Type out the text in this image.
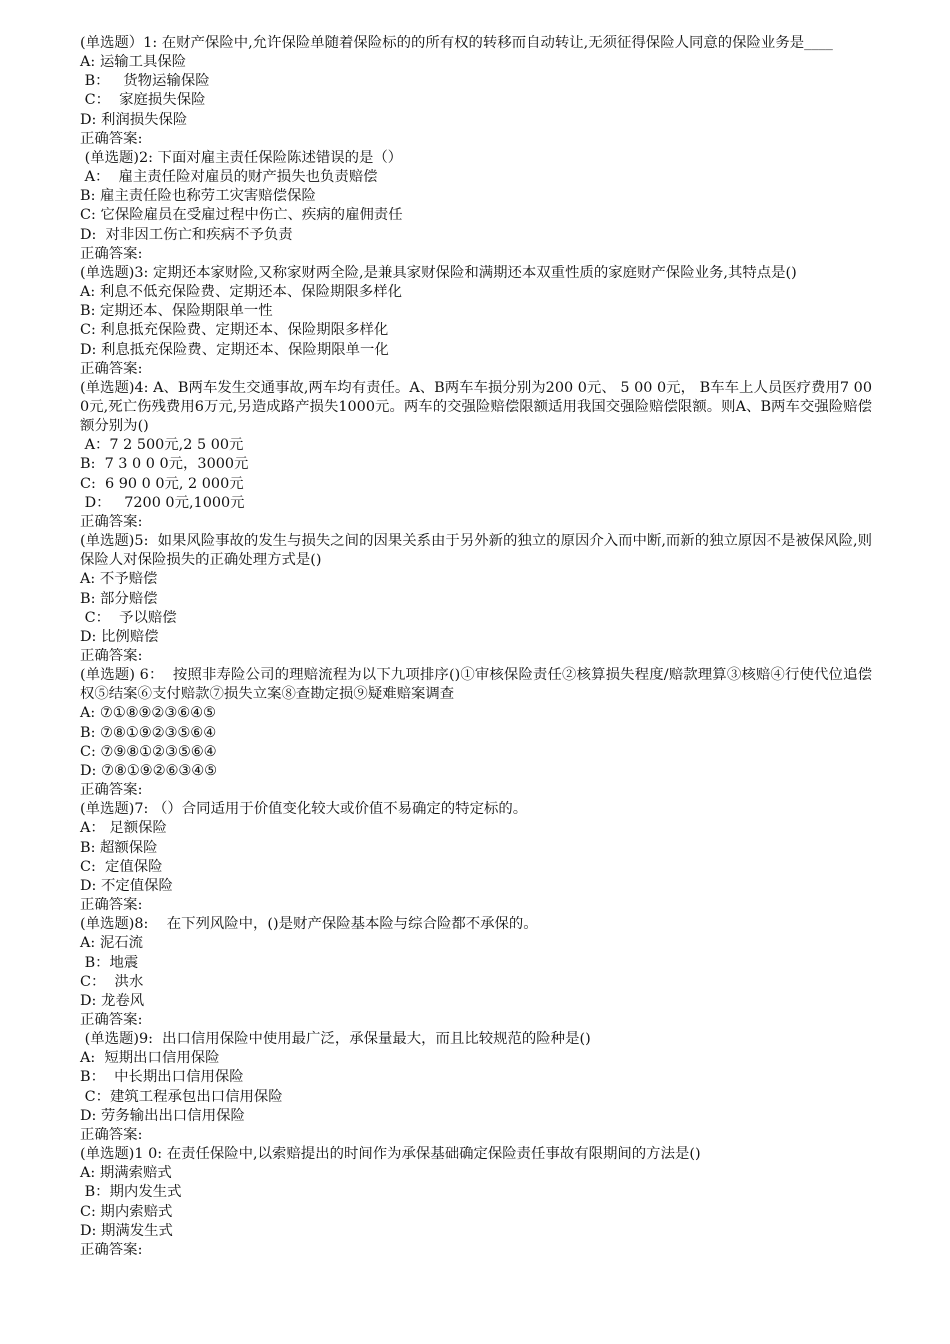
(单选题）1: 在财产保险中,允许保险单随着保险标的的所有权的转移而自动转让,无须征得保险人同意的保险业务是____

A: 运输工具保险

B：   货物运输保险

C：  家庭损失保险

D: 利润损失保险

正确答案:

(单选题)2: 下面对雇主责任保险陈述错误的是（）

A：  雇主责任险对雇员的财产损失也负责赔偿

B: 雇主责任险也称劳工灾害赔偿保险

C: 它保险雇员在受雇过程中伤亡、疾病的雇佣责任

D:  对非因工伤亡和疾病不予负责

正确答案:

(单选题)3: 定期还本家财险,又称家财两全险,是兼具家财保险和满期还本双重性质的家庭财产保险业务,其特点是()

A: 利息不低充保险费、定期还本、保险期限多样化

B: 定期还本、保险期限单一性

C: 利息抵充保险费、定期还本、保险期限多样化

D: 利息抵充保险费、定期还本、保险期限单一化

正确答案:

(单选题)4: A、B两车发生交通事故,两车均有责任。A、B两车车损分别为200 0元、 5 00 0元， B车车上人员医疗费用7 000元,死亡伤残费用6万元,另造成路产损失1000元。两车的交强险赔偿限额适用我国交强险赔偿限额。则A、B两车交强险赔偿额分别为()

A：7 2 500元,2 5 00元

B:  7 3 0 0 0元，3000元

C:  6 90 0 0元, 2 000元

D：   7200 0元,1000元

正确答案:

(单选题)5:  如果风险事故的发生与损失之间的因果关系由于另外新的独立的原因介入而中断,而新的独立原因不是被保风险,则保险人对保险损失的正确处理方式是()

A: 不予赔偿

B: 部分赔偿

C：  予以赔偿

D: 比例赔偿

正确答案:

(单选题) 6：  按照非寿险公司的理赔流程为以下九项排序()①审核保险责任②核算损失程度/赔款理算③核赔④行使代位追偿权⑤结案⑥支付赔款⑦损失立案⑧查勘定损⑨疑难赔案调查

A: ⑦①⑧⑨②③⑥④⑤

B: ⑦⑧①⑨②③⑤⑥④

C: ⑦⑨⑧①②③⑤⑥④

D: ⑦⑧①⑨②⑥③④⑤

正确答案:

(单选题)7: （）合同适用于价值变化较大或价值不易确定的特定标的。

A： 足额保险

B: 超额保险

C:  定值保险

D: 不定值保险

正确答案:

(单选题)8:    在下列风险中，()是财产保险基本险与综合险都不承保的。

A: 泥石流

B：地震

C：  洪水

D: 龙卷风

正确答案:

(单选题)9:  出口信用保险中使用最广泛，承保量最大，而且比较规范的险种是()

A:  短期出口信用保险

B：  中长期出口信用保险

C：建筑工程承包出口信用保险

D: 劳务输出出口信用保险

正确答案:

(单选题)1 0: 在责任保险中,以索赔提出的时间作为承保基础确定保险责任事故有限期间的方法是()

A: 期满索赔式

B：期内发生式

C: 期内索赔式

D: 期满发生式

正确答案:
